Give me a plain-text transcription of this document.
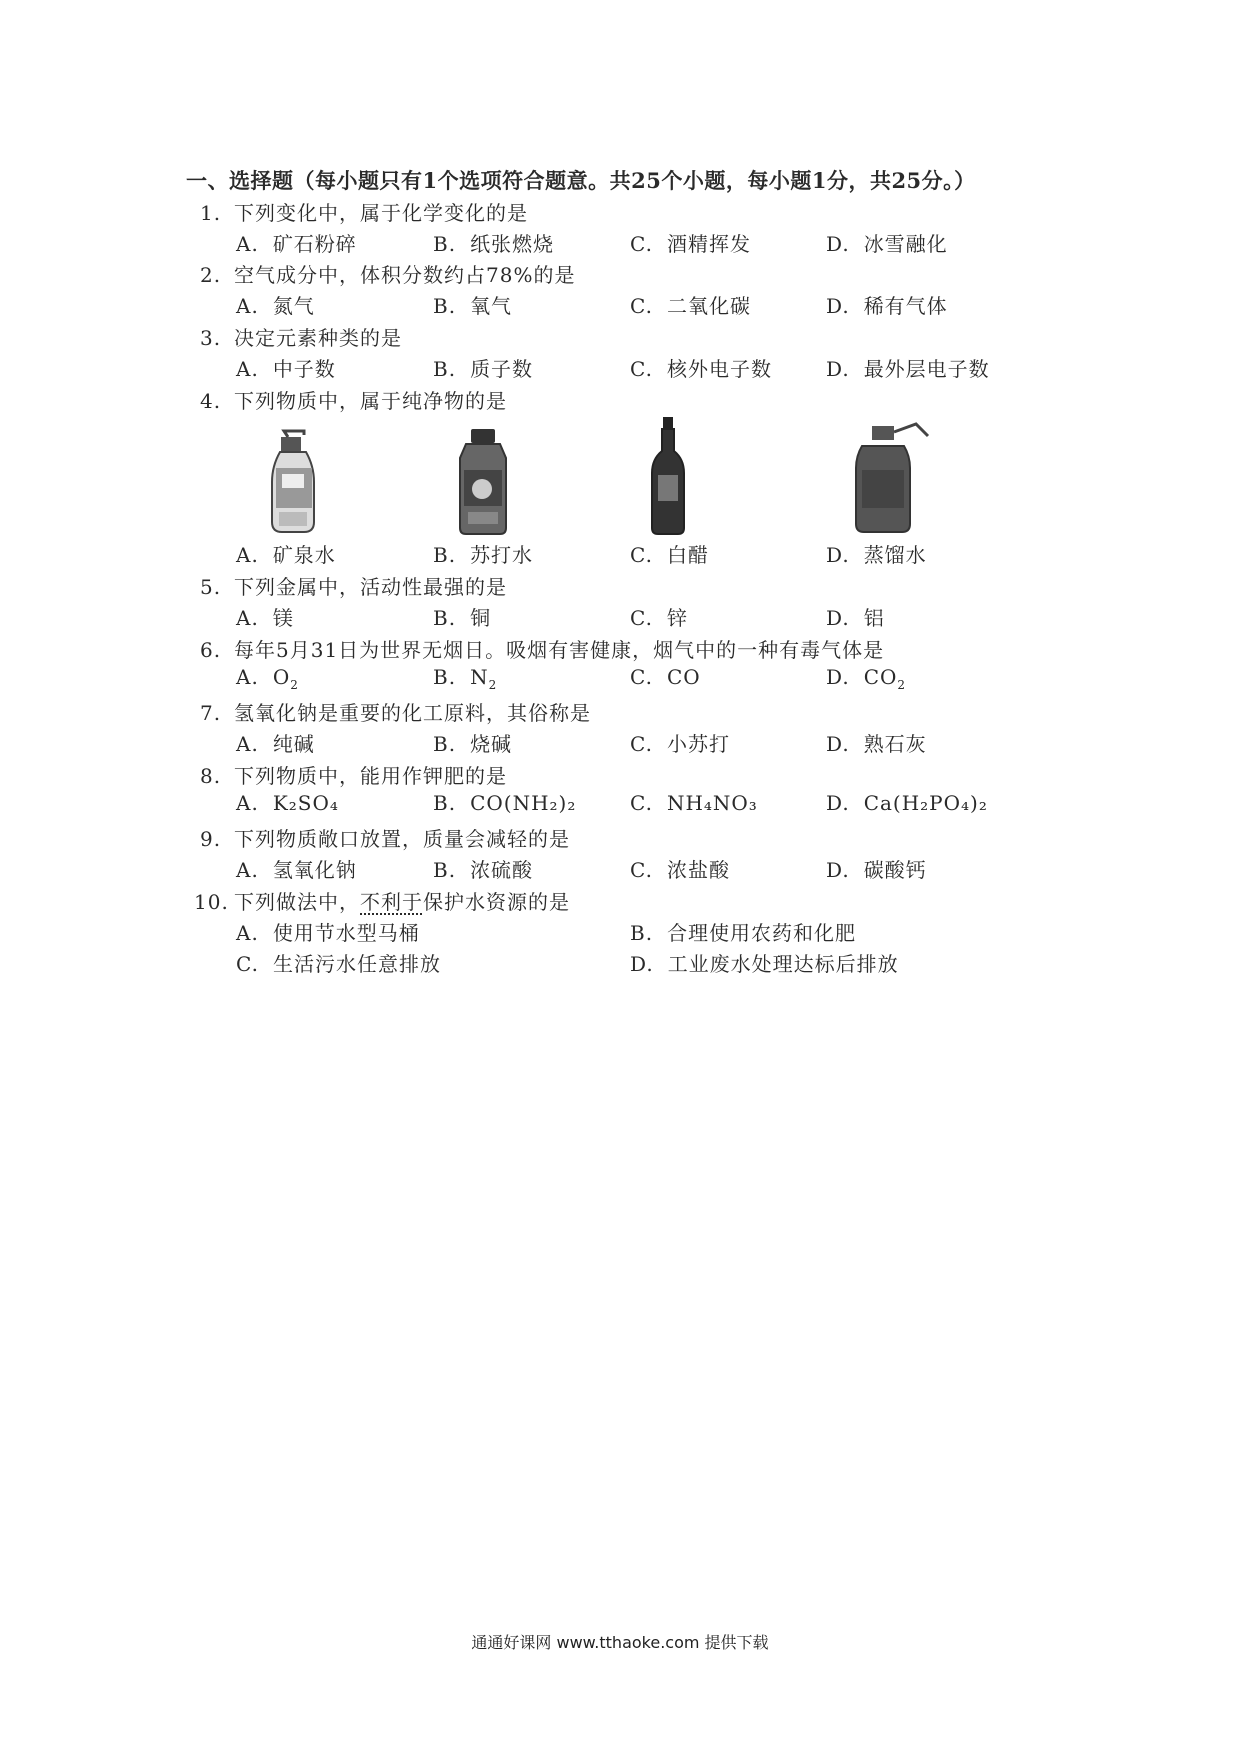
一、选择题（每小题只有1个选项符合题意。共25个小题，每小题1分，共25分。）
1. 下列变化中，属于化学变化的是
A. 矿石粉碎	B. 纸张燃烧	C. 酒精挥发	D. 冰雪融化
2. 空气成分中，体积分数约占78%的是
A. 氮气	B. 氧气	C. 二氧化碳	D. 稀有气体
3. 决定元素种类的是
A. 中子数	B. 质子数	C. 核外电子数	D. 最外层电子数
4. 下列物质中，属于纯净物的是
A. 矿泉水	B. 苏打水	C. 白醋	D. 蒸馏水
5. 下列金属中，活动性最强的是
A. 镁	B. 铜	C. 锌	D. 铝
6. 每年5月31日为世界无烟日。吸烟有害健康，烟气中的一种有毒气体是
A. $O_2$	B. $N_2$	C. CO	D. $CO_2$
7. 氢氧化钠是重要的化工原料，其俗称是
A. 纯碱	B. 烧碱	C. 小苏打	D. 熟石灰
8. 下列物质中，能用作钾肥的是
A. K₂SO₄	B. CO(NH₂)₂	C. NH₄NO₃	D. Ca(H₂PO₄)₂
9. 下列物质敞口放置，质量会减轻的是
A. 氢氧化钠	B. 浓硫酸	C. 浓盐酸	D. 碳酸钙
10. 下列做法中，不利于保护水资源的是
A. 使用节水型马桶	B. 合理使用农药和化肥
C. 生活污水任意排放	D. 工业废水处理达标后排放
通通好课网 www.tthaoke.com 提供下载
